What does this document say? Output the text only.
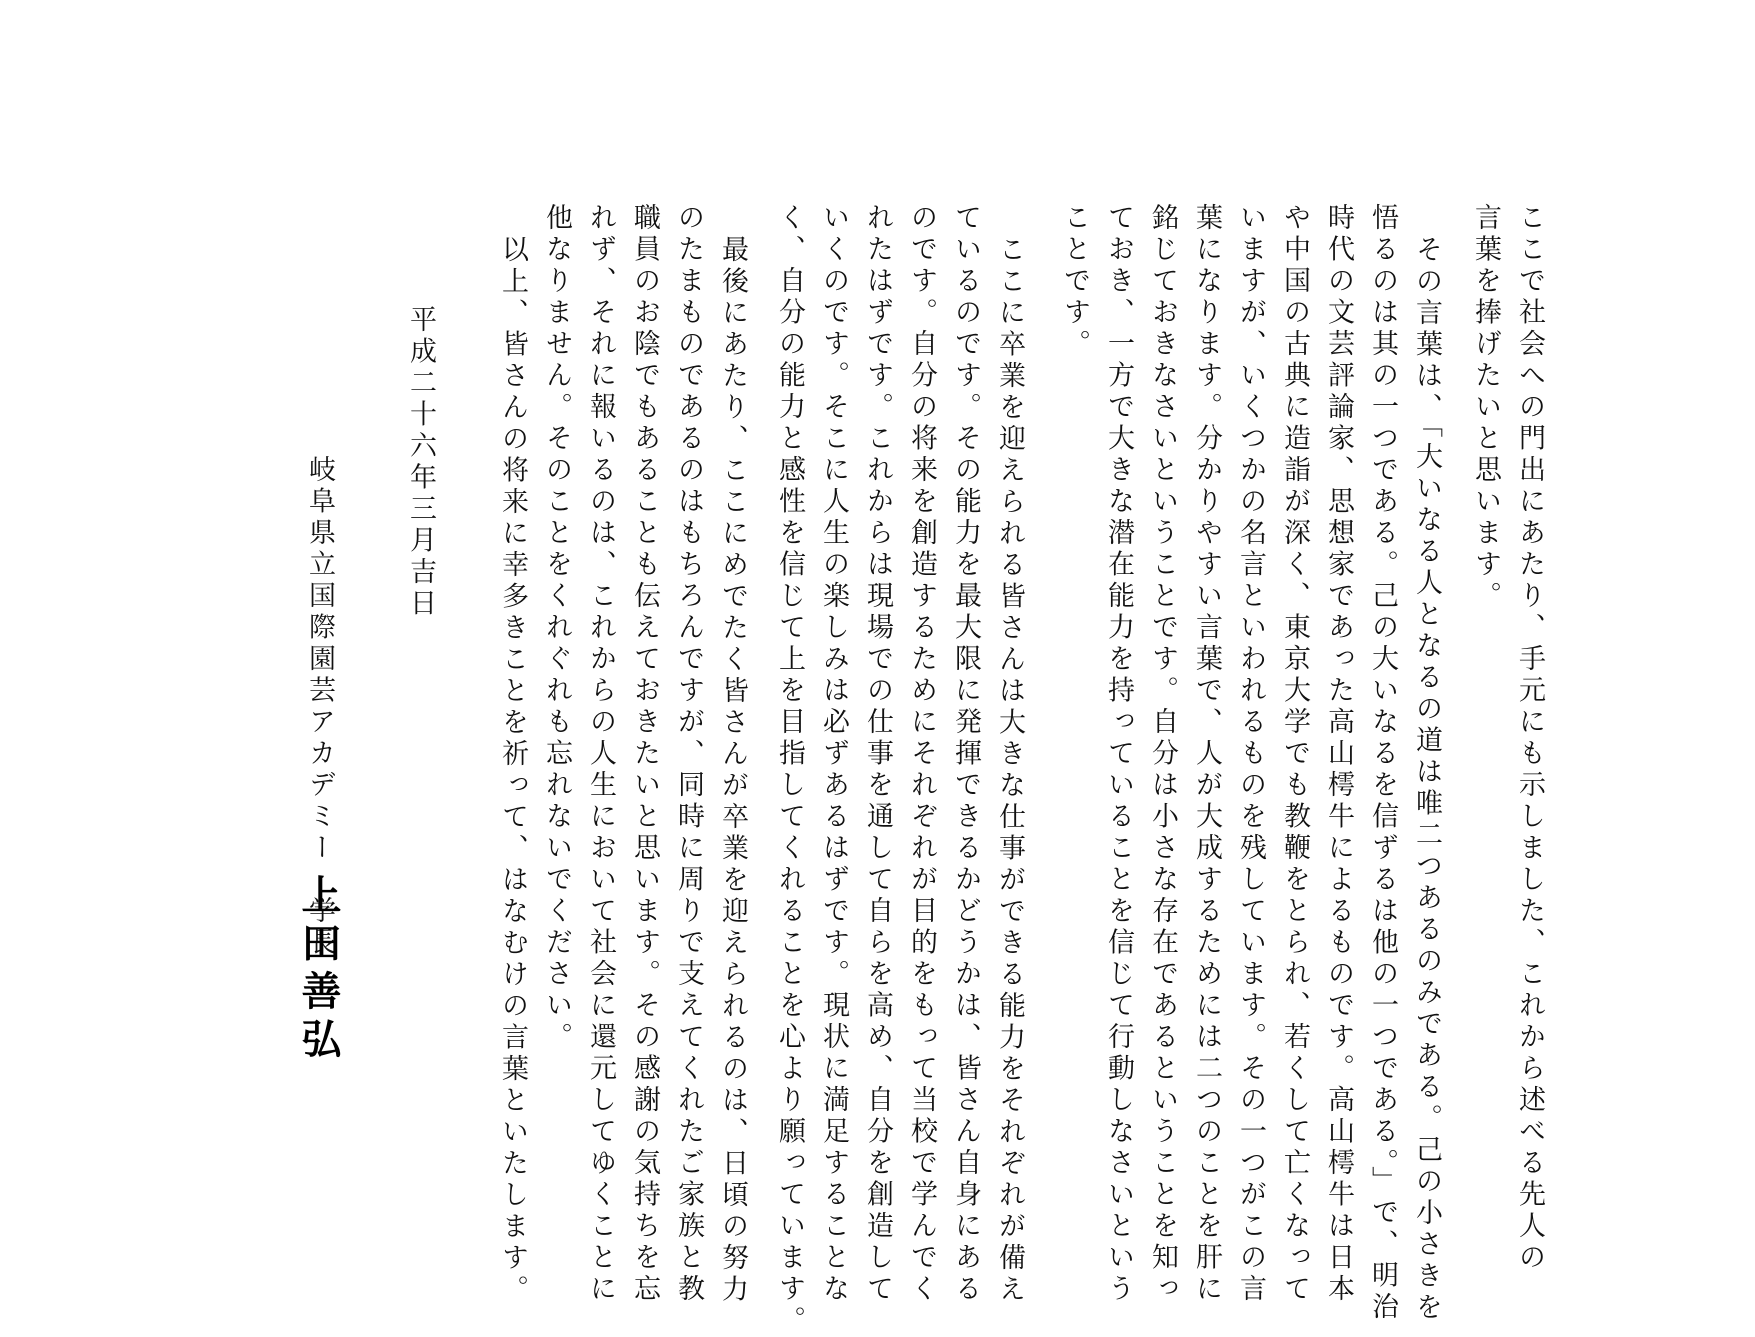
ここで社会への門出にあたり、手元にも示しました、これから述べる先人の

言葉を捧げたいと思います。

その言葉は、「大いなる人となるの道は唯二つあるのみである。己の小さきを

悟るのは其の一つである。己の大いなるを信ずるは他の一つである。」で、明治

時代の文芸評論家、思想家であった高山樗牛によるものです。高山樗牛は日本

や中国の古典に造詣が深く、東京大学でも教鞭をとられ、若くして亡くなって

いますが、いくつかの名言といわれるものを残しています。その一つがこの言

葉になります。分かりやすい言葉で、人が大成するためには二つのことを肝に

銘じておきなさいということです。自分は小さな存在であるということを知っ

ておき、一方で大きな潜在能力を持っていることを信じて行動しなさいという

ことです。

ここに卒業を迎えられる皆さんは大きな仕事ができる能力をそれぞれが備え

ているのです。その能力を最大限に発揮できるかどうかは、皆さん自身にある

のです。自分の将来を創造するためにそれぞれが目的をもって当校で学んでく

れたはずです。これからは現場での仕事を通して自らを高め、自分を創造して

いくのです。そこに人生の楽しみは必ずあるはずです。現状に満足することな

く、自分の能力と感性を信じて上を目指してくれることを心より願っています。

最後にあたり、ここにめでたく皆さんが卒業を迎えられるのは、日頃の努力

のたまものであるのはもちろんですが、同時に周りで支えてくれたご家族と教

職員のお陰でもあることも伝えておきたいと思います。その感謝の気持ちを忘

れず、それに報いるのは、これからの人生において社会に還元してゆくことに

他なりません。そのことをくれぐれも忘れないでください。

以上、皆さんの将来に幸多きことを祈って、はなむけの言葉といたします。

平成二十六年三月吉日

岐阜県立国際園芸アカデミー　学長

上田善弘
